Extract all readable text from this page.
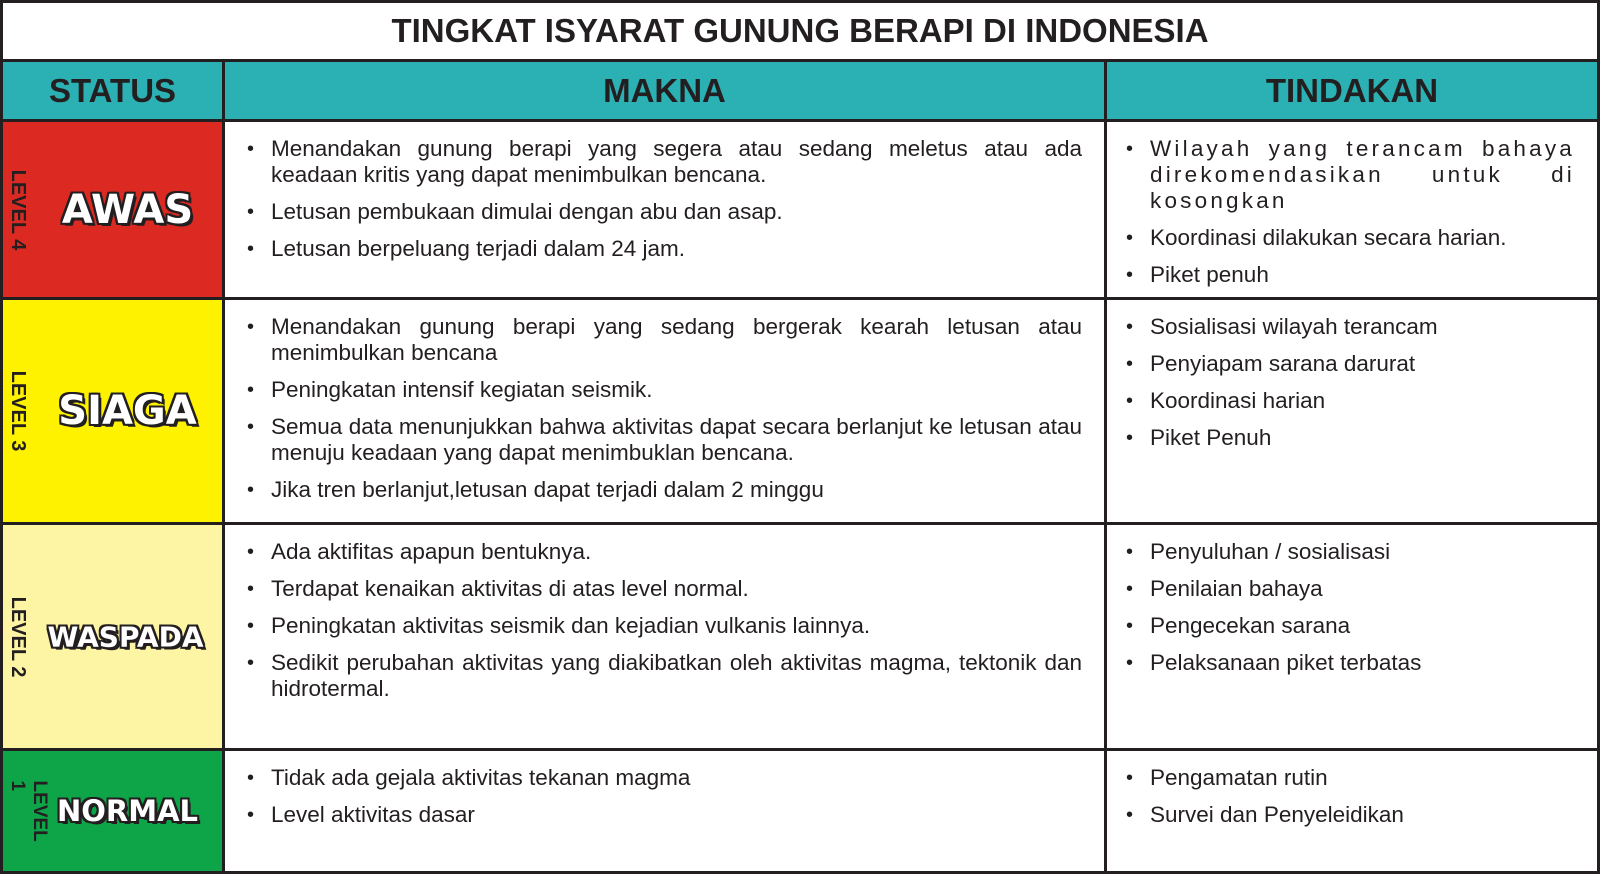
TINGKAT ISYARAT GUNUNG BERAPI DI INDONESIA
STATUS	MAKNA	TINDAKAN
LEVEL 4 AWAS
• Menandakan gunung berapi yang segera atau sedang meletus atau ada keadaan kritis yang dapat menimbulkan bencana.
• Letusan pembukaan dimulai dengan abu dan asap.
• Letusan berpeluang terjadi dalam 24 jam.
• Wilayah yang terancam bahaya direkomendasikan untuk di kosongkan
• Koordinasi dilakukan secara harian.
• Piket penuh
LEVEL 3 SIAGA
• Menandakan gunung berapi yang sedang bergerak kearah letusan atau menimbulkan bencana
• Peningkatan intensif kegiatan seismik.
• Semua data menunjukkan bahwa aktivitas dapat secara berlanjut ke letusan atau menuju keadaan yang dapat menimbuklan bencana.
• Jika tren berlanjut,letusan dapat terjadi dalam 2 minggu
• Sosialisasi wilayah terancam
• Penyiapam sarana darurat
• Koordinasi harian
• Piket Penuh
LEVEL 2 WASPADA
• Ada aktifitas apapun bentuknya.
• Terdapat kenaikan aktivitas di atas level normal.
• Peningkatan aktivitas seismik dan kejadian vulkanis lainnya.
• Sedikit perubahan aktivitas yang diakibatkan oleh aktivitas magma, tektonik dan hidrotermal.
• Penyuluhan / sosialisasi
• Penilaian bahaya
• Pengecekan sarana
• Pelaksanaan piket terbatas
LEVEL 1
NORMAL
• Tidak ada gejala aktivitas tekanan magma
• Level aktivitas dasar
• Pengamatan rutin
• Survei dan Penyeleidikan
